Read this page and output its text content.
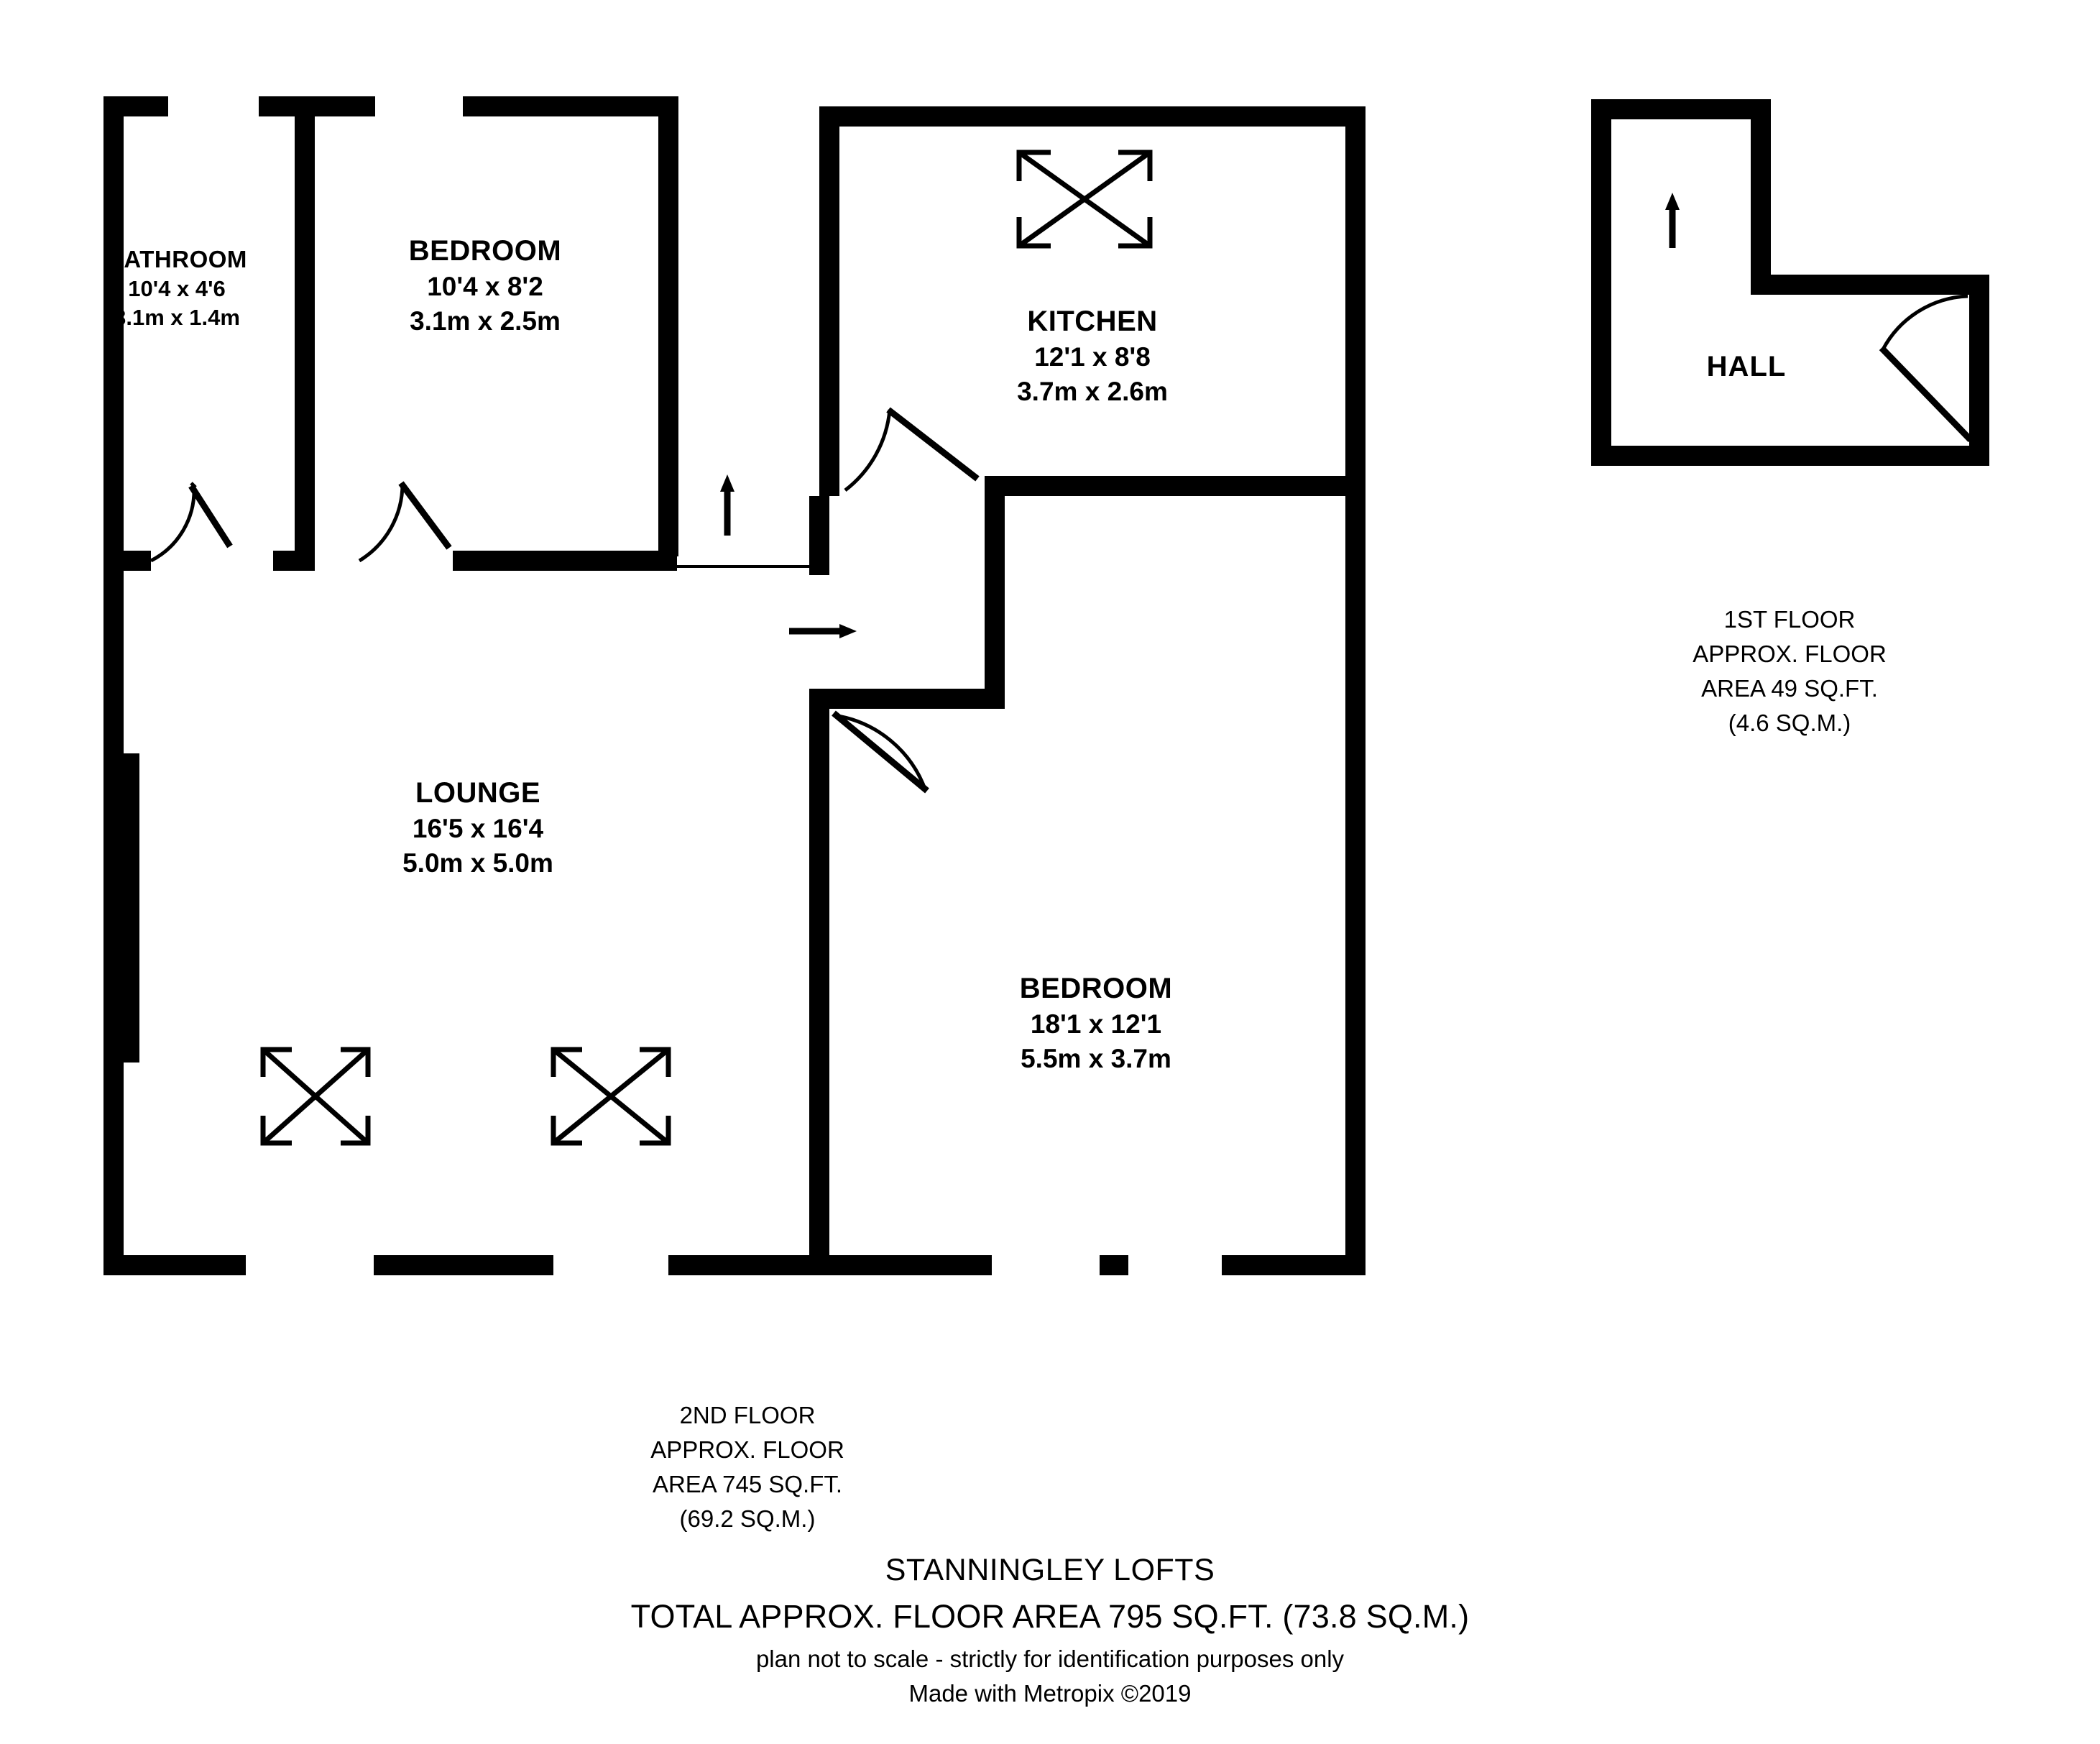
BATHROOM
10'4 x 4'6
3.1m x 1.4m
BEDROOM
10'4 x 8'2
3.1m x 2.5m	KITCHEN
12'1 x 8'8
3.7m x 2.6m
LOUNGE
16'5 x 16'4
5.0m x 5.0m
BEDROOM
18'1 x 12'1
5.5m x 3.7m
HALL
1ST FLOOR
APPROX. FLOOR
AREA 49 SQ.FT.
(4.6 SQ.M.)
2ND FLOOR
APPROX. FLOOR
AREA 745 SQ.FT.
(69.2 SQ.M.)
STANNINGLEY LOFTS
TOTAL APPROX. FLOOR AREA 795 SQ.FT. (73.8 SQ.M.)
plan not to scale - strictly for identification purposes only
Made with Metropix ©2019
